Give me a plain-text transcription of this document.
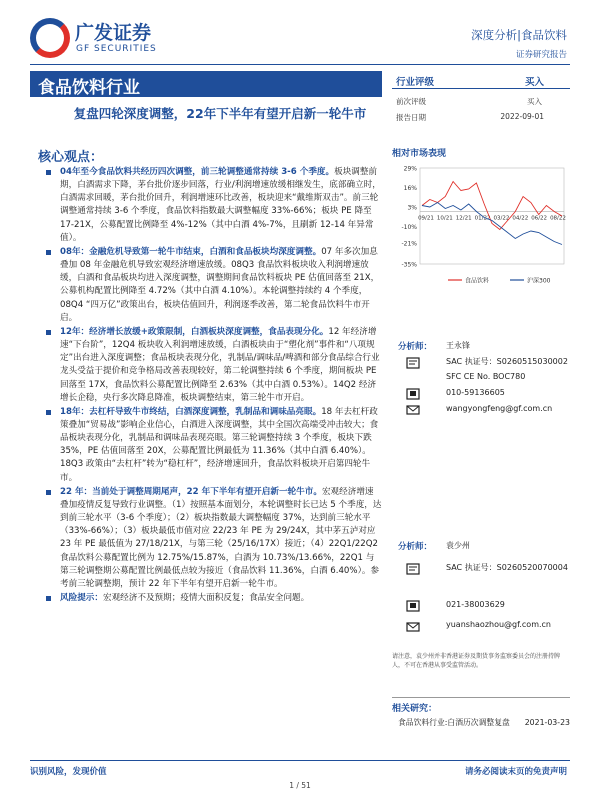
广发证券
GF SECURITIES
深度分析|食品饮料
证券研究报告
食品饮料行业
复盘四轮深度调整，22年下半年有望开启新一轮牛市
核心观点：
04年至今食品饮料共经历四次调整，前三轮调整通常持续 3-6 个季度。板块调整前期，白酒需求下降，茅台批价逐步回落，行业/利润增速放缓相继发生，底部确立时，白酒需求回暖，茅台批价回升，利润增速环比改善，板块迎来“戴维斯双击”。前三轮调整通常持续 3-6 个季度，食品饮料指数最大调整幅度 33%-66%；板块 PE 降至 17-21X，公募配置比例降至 4%-12%（其中白酒 4%-7%，且刷新 12-14 年异常值）。
08年：金融危机导致第一轮牛市结束，白酒和食品板块均深度调整。07 年多次加息叠加 08 年金融危机导致宏观经济增速放缓。08Q3 食品饮料板块收入利润增速放缓，白酒和食品板块均进入深度调整，调整期间食品饮料板块 PE 估值回落至 21X，公募机构配置比例降至 4.72%（其中白酒 4.10%）。本轮调整持续约 4 个季度，08Q4 “四万亿”政策出台，板块估值回升，利润逐季改善，第二轮食品饮料牛市开启。
12年：经济增长放缓+政策限制，白酒板块深度调整，食品表现分化。12 年经济增速“下台阶”，12Q4 板块收入利润增速放缓，白酒板块由于“塑化剂”事件和“八项规定”出台进入深度调整；食品板块表现分化，乳制品/调味品/啤酒和部分食品综合行业龙头受益于提价和竞争格局改善表现较好，第二轮调整持续 6 个季度，期间板块 PE 回落至 17X，食品饮料公募配置比例降至 2.63%（其中白酒 0.53%）。14Q2 经济增长企稳，央行多次降息降准，板块调整结束，第三轮牛市开启。
18年：去杠杆导致牛市终结，白酒深度调整，乳制品和调味品亮眼。18 年去杠杆政策叠加“贸易战”影响企业信心，白酒进入深度调整，其中全国次高端受冲击较大；食品板块表现分化，乳制品和调味品表现亮眼。第三轮调整持续 3 个季度，板块下跌 35%，PE 估值回落至 20X，公募配置比例最低为 11.36%（其中白酒 6.40%）。18Q3 政策由“去杠杆”转为“稳杠杆”，经济增速回升，食品饮料板块开启第四轮牛市。
22 年：当前处于调整周期尾声，22 年下半年有望开启新一轮牛市。宏观经济增速叠加疫情反复导致行业调整。（1）按照基本面划分，本轮调整时长已达 5 个季度，达到前三轮水平（3-6 个季度）；（2）板块指数最大调整幅度 37%，达到前三轮水平（33%-66%）；（3）板块最低市值对应 22/23 年 PE 为 29/24X，其中茅五泸对应 23 年 PE 最低值为 27/18/21X，与第三轮（25/16/17X）接近；（4）22Q1/22Q2 食品饮料公募配置比例为 12.75%/15.87%，白酒为 10.73%/13.66%，22Q1 与第三轮调整期公募配置比例最低点较为接近（食品饮料 11.36%，白酒 6.40%）。参考前三轮调整期，预计 22 年下半年有望开启新一轮牛市。
风险提示：宏观经济不及预期；疫情大面积反复；食品安全问题。
行业评级	买入
前次评级	买入
报告日期	2022-09-01
相对市场表现
29%
16%
3%
-10%
-21%
-35%
09/21 10/21 12/21 01/22 03/22 04/22 06/22 08/22
食品饮料	沪深300
分析师： 王永锋
SAC 执证号：S0260515030002
SFC CE No. BOC780
010-59136605
wangyongfeng@gf.com.cn
分析师： 袁少州
SAC 执证号：S0260520070004
021-38003629
yuanshaozhou@gf.com.cn
请注意，袁少州并非香港证券及期货事务监察委员会的注册持牌人，不可在香港从事受监管活动。
相关研究：
食品饮料行业:白酒历次调整复盘	2021-03-23
识别风险，发现价值	请务必阅读末页的免责声明
1 / 51
